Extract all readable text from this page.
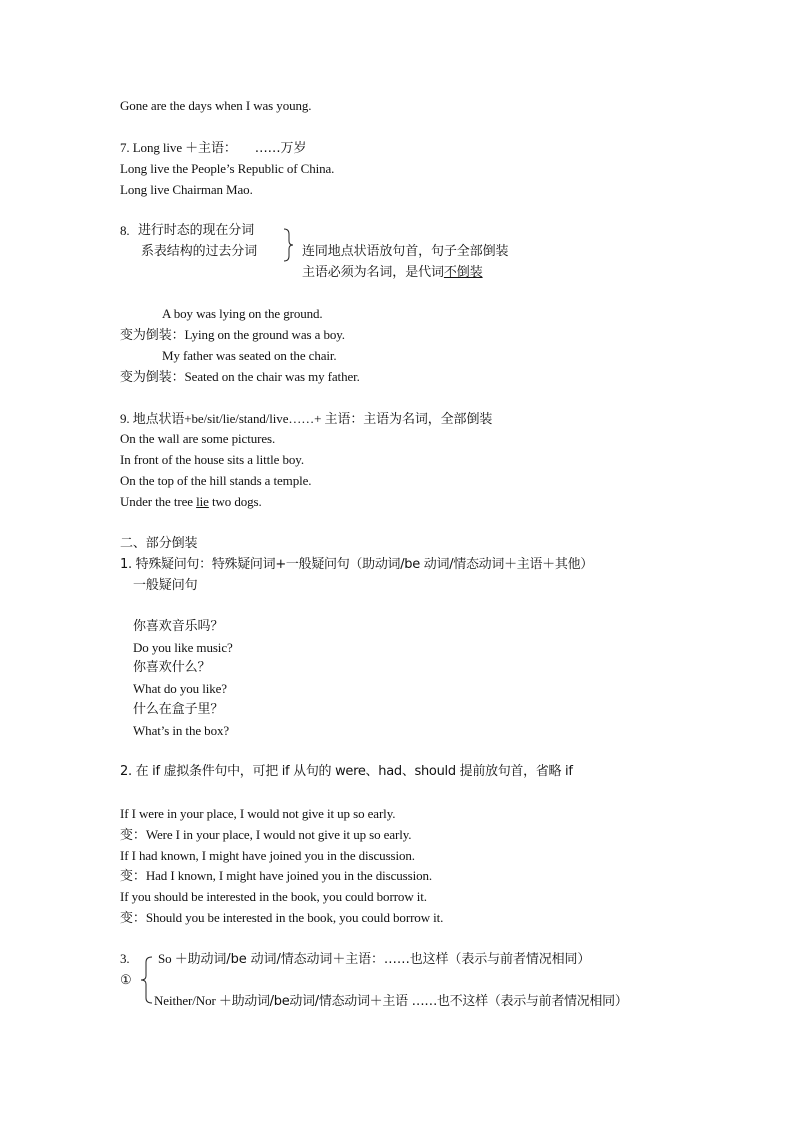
Gone are the days when I was young.
7. Long live ＋主语： ……万岁
Long live the People’s Republic of China.
Long live Chairman Mao.
8. 进行时态的现在分词
系表结构的过去分词	连同地点状语放句首，句子全部倒装
主语必须为名词，是代词不倒装
A boy was lying on the ground.
变为倒装：Lying on the ground was a boy.
My father was seated on the chair.
变为倒装：Seated on the chair was my father.
9. 地点状语+be/sit/lie/stand/live……+ 主语：主语为名词，全部倒装
On the wall are some pictures.
In front of the house sits a little boy.
On the top of the hill stands a temple.
Under the tree lie two dogs.
二、部分倒装
1. 特殊疑问句：特殊疑问词+一般疑问句（助动词/be 动词/情态动词＋主语＋其他）
一般疑问句
你喜欢音乐吗？
Do you like music?
你喜欢什么？
What do you like?
什么在盒子里？
What’s in the box?
2. 在 if 虚拟条件句中，可把 if 从句的 were、had、should 提前放句首，省略 if
If I were in your place, I would not give it up so early.
变：Were I in your place, I would not give it up so early.
If I had known, I might have joined you in the discussion.
变：Had I known, I might have joined you in the discussion.
If you should be interested in the book, you could borrow it.
变：Should you be interested in the book, you could borrow it.
3.
①
So ＋助动词/be 动词/情态动词＋主语：……也这样（表示与前者情况相同）
Neither/Nor ＋助动词/be动词/情态动词＋主语 ……也不这样（表示与前者情况相同）
